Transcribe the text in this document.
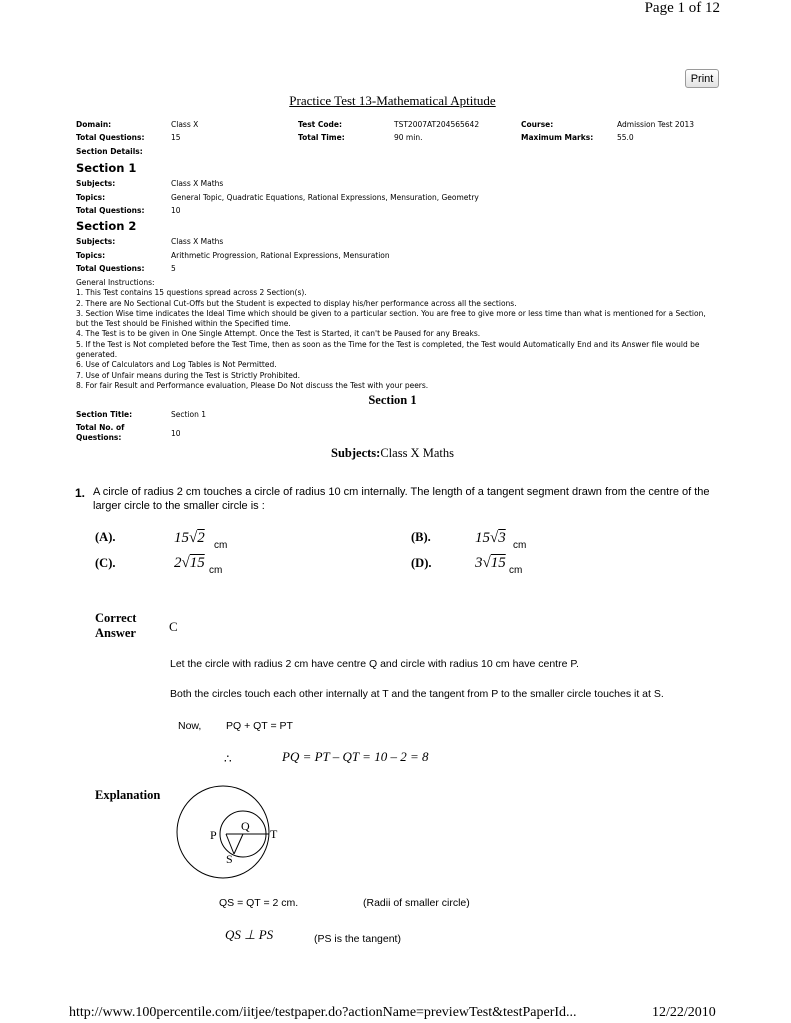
Page 1 of 12
Print
Practice Test 13-Mathematical Aptitude
Domain:	Class X	Test Code:	TST2007AT204565642	Course:	Admission Test 2013
Total Questions:	15	Total Time:	90 min.	Maximum Marks:	55.0
Section Details:
Section 1
Subjects:	Class X Maths
Topics:	General Topic, Quadratic Equations, Rational Expressions, Mensuration, Geometry
Total Questions:	10
Section 2
Subjects:	Class X Maths
Topics:	Arithmetic Progression, Rational Expressions, Mensuration
Total Questions:	5
General Instructions:
1. This Test contains 15 questions spread across 2 Section(s).
2. There are No Sectional Cut-Offs but the Student is expected to display his/her performance across all the sections.
3. Section Wise time indicates the Ideal Time which should be given to a particular section. You are free to give more or less time than what is mentioned for a Section, but the Test should be Finished within the Specified time.
4. The Test is to be given in One Single Attempt. Once the Test is Started, it can't be Paused for any Breaks.
5. If the Test is Not completed before the Test Time, then as soon as the Time for the Test is completed, the Test would Automatically End and its Answer file would be generated.
6. Use of Calculators and Log Tables is Not Permitted.
7. Use of Unfair means during the Test is Strictly Prohibited.
8. For fair Result and Performance evaluation, Please Do Not discuss the Test with your peers.
Section 1
Section Title:	Section 1
Total No. of Questions:	10
Subjects:Class X Maths
1. A circle of radius 2 cm touches a circle of radius 10 cm internally. The length of a tangent segment drawn from the centre of the larger circle to the smaller circle is :
(A).	15√2 cm
(B).	15√3 cm
(C).	2√15 cm
(D).	3√15 cm
Correct Answer	C
Let the circle with radius 2 cm have centre Q and circle with radius 10 cm have centre P.
Both the circles touch each other internally at T and the tangent from P to the smaller circle touches it at S.
Now, PQ + QT = PT
∴	PQ = PT – QT = 10 – 2 = 8
Explanation
P
Q
T
S
QS = QT = 2 cm.	(Radii of smaller circle)
QS ⊥ PS	(PS is the tangent)
http://www.100percentile.com/iitjee/testpaper.do?actionName=previewTest&testPaperId...	12/22/2010
